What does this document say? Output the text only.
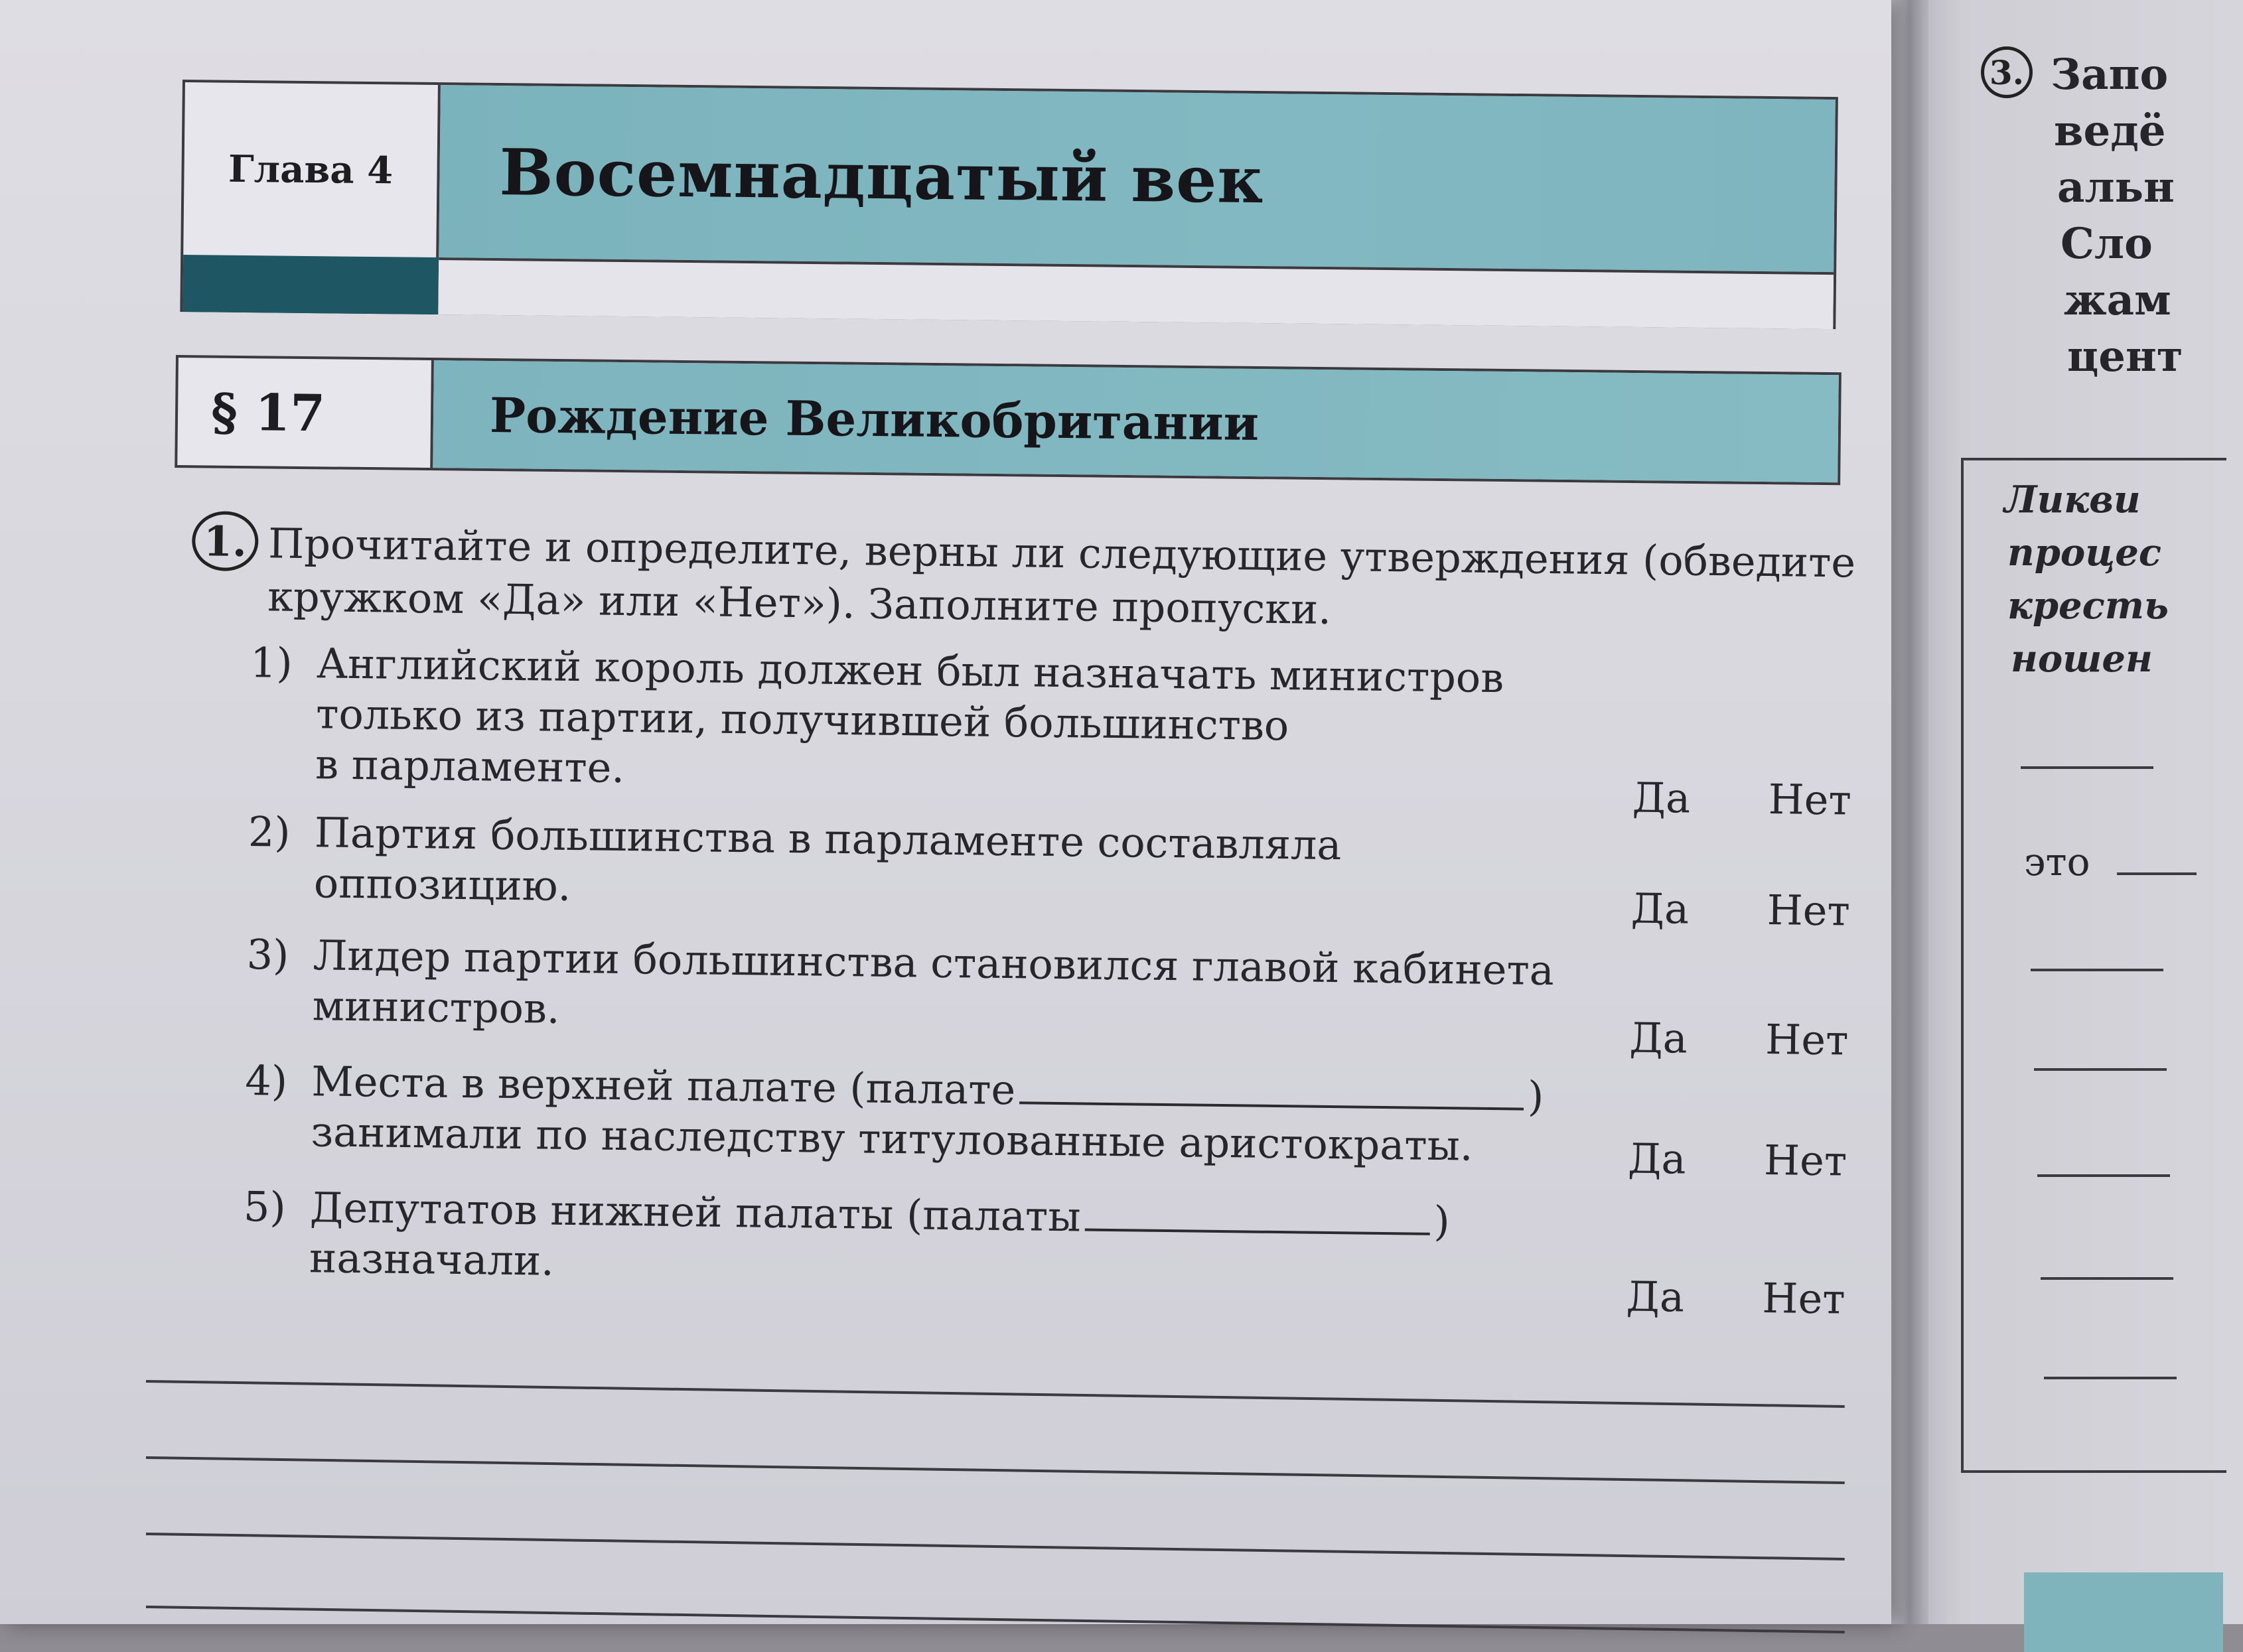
Глава 4 Восемнадцатый век
§ 17	Рождение Великобритании
1. Прочитайте и определите, верны ли следующие утверждения (обведите
кружком «Да» или «Нет»). Заполните пропуски.
1) Английский король должен был назначать министров
только из партии, получившей большинство
в парламенте.
Да Нет
2) Партия большинства в парламенте составляла
оппозицию.	Да Нет
3) Лидер партии большинства становился главой кабинета
министров.
Да Нет
4) Места в верхней палате (палате	)
занимали по наследству титулованные аристократы.	Да Нет
5) Депутатов нижней палаты (палаты	)
назначали.
Да Нет
3. Запо
ведё
альн
Сло
жам
цент
Ликви
процес
кресть
ношен
это
